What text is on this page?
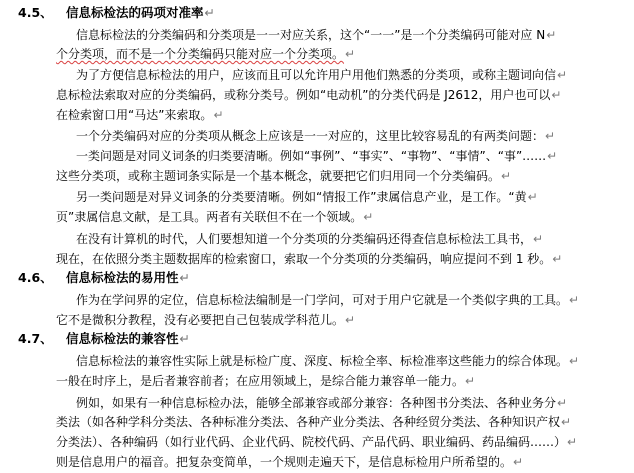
4.5、 信息标检法的码项对准率↵
信息标检法的分类编码和分类项是一一对应关系，这个“一一”是一个分类编码可能对应 N↵
个分类项，而不是一个分类编码只能对应一个分类项。↵
为了方便信息标检法的用户，应该而且可以允许用户用他们熟悉的分类项，或称主题词向信↵
息标检法索取对应的分类编码，或称分类号。例如“电动机”的分类代码是 J2612，用户也可以↵
在检索窗口用“马达”来索取。↵
一个分类编码对应的分类项从概念上应该是一一对应的，这里比较容易乱的有两类问题：↵
一类问题是对同义词条的归类要清晰。例如“事例”、“事实”、“事物”、“事情”、“事”……↵
这些分类项，或称主题词条实际是一个基本概念，就要把它们归用同一个分类编码。↵
另一类问题是对异义词条的分类要清晰。例如“情报工作”隶属信息产业，是工作。“黄↵
页”隶属信息文献，是工具。两者有关联但不在一个领域。↵
在没有计算机的时代，人们要想知道一个分类项的分类编码还得查信息标检法工具书，↵
现在，在依照分类主题数据库的检索窗口，索取一个分类项的分类编码，响应提问不到 1 秒。↵
4.6、 信息标检法的易用性↵
作为在学问界的定位，信息标检法编制是一门学问，可对于用户它就是一个类似字典的工具。↵
它不是微积分教程，没有必要把自己包装成学科范儿。↵
4.7、 信息标检法的兼容性↵
信息标检法的兼容性实际上就是标检广度、深度、标检全率、标检准率这些能力的综合体现。↵
一般在时序上，是后者兼容前者；在应用领域上，是综合能力兼容单一能力。↵
例如，如果有一种信息标检办法，能够全部兼容或部分兼容：各种图书分类法、各种业务分↵
类法（如各种学科分类法、各种标准分类法、各种产业分类法、各种经贸分类法、各种知识产权↵
分类法）、各种编码（如行业代码、企业代码、院校代码、产品代码、职业编码、药品编码……）↵
则是信息用户的福音。把复杂变简单，一个规则走遍天下，是信息标检用户所希望的。↵
